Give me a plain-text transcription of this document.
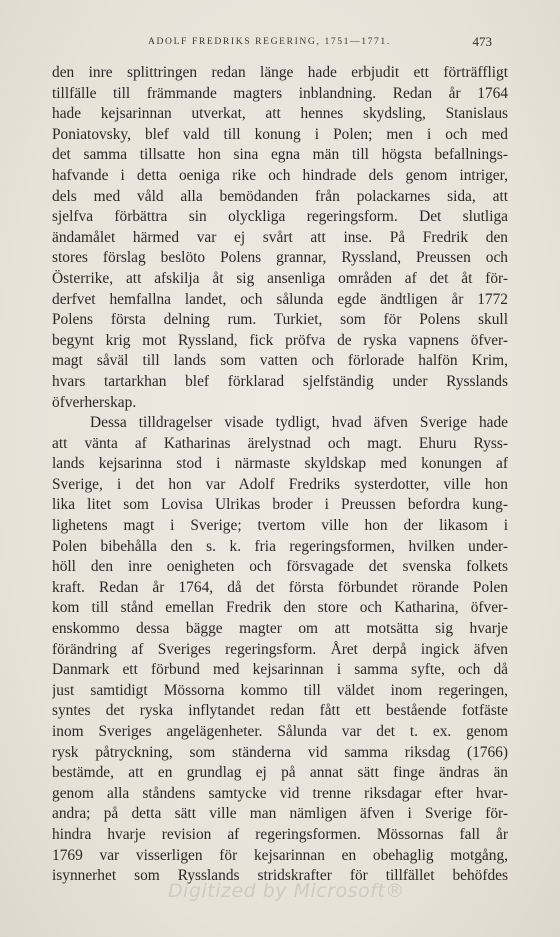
ADOLF FREDRIKS REGERING, 1751—1771.	473
den inre splittringen redan länge hade erbjudit ett förträffligt
tillfälle till främmande magters inblandning. Redan år 1764
hade kejsarinnan utverkat, att hennes skydsling, Stanislaus
Poniatovsky, blef vald till konung i Polen; men i och med
det samma tillsatte hon sina egna män till högsta befallnings-
hafvande i detta oeniga rike och hindrade dels genom intriger,
dels med våld alla bemödanden från polackarnes sida, att
sjelfva förbättra sin olyckliga regeringsform. Det slutliga
ändamålet härmed var ej svårt att inse. På Fredrik den
stores förslag beslöto Polens grannar, Ryssland, Preussen och
Österrike, att afskilja åt sig ansenliga områden af det åt för-
derfvet hemfallna landet, och sålunda egde ändtligen år 1772
Polens första delning rum. Turkiet, som för Polens skull
begynt krig mot Ryssland, fick pröfva de ryska vapnens öfver-
magt såväl till lands som vatten och förlorade halfön Krim,
hvars tartarkhan blef förklarad sjelfständig under Rysslands
öfverherskap.
Dessa tilldragelser visade tydligt, hvad äfven Sverige hade
att vänta af Katharinas ärelystnad och magt. Ehuru Ryss-
lands kejsarinna stod i närmaste skyldskap med konungen af
Sverige, i det hon var Adolf Fredriks systerdotter, ville hon
lika litet som Lovisa Ulrikas broder i Preussen befordra kung-
lighetens magt i Sverige; tvertom ville hon der likasom i
Polen bibehålla den s. k. fria regeringsformen, hvilken under-
höll den inre oenigheten och försvagade det svenska folkets
kraft. Redan år 1764, då det första förbundet rörande Polen
kom till stånd emellan Fredrik den store och Katharina, öfver-
enskommo dessa bägge magter om att motsätta sig hvarje
förändring af Sveriges regeringsform. Året derpå ingick äfven
Danmark ett förbund med kejsarinnan i samma syfte, och då
just samtidigt Mössorna kommo till väldet inom regeringen,
syntes det ryska inflytandet redan fått ett bestående fotfäste
inom Sveriges angelägenheter. Sålunda var det t. ex. genom
rysk påtryckning, som ständerna vid samma riksdag (1766)
bestämde, att en grundlag ej på annat sätt finge ändras än
genom alla ståndens samtycke vid trenne riksdagar efter hvar-
andra; på detta sätt ville man nämligen äfven i Sverige för-
hindra hvarje revision af regeringsformen. Mössornas fall år
1769 var visserligen för kejsarinnan en obehaglig motgång,
isynnerhet som Rysslands stridskrafter för tillfället behöfdes
Digitized by Microsoft®
